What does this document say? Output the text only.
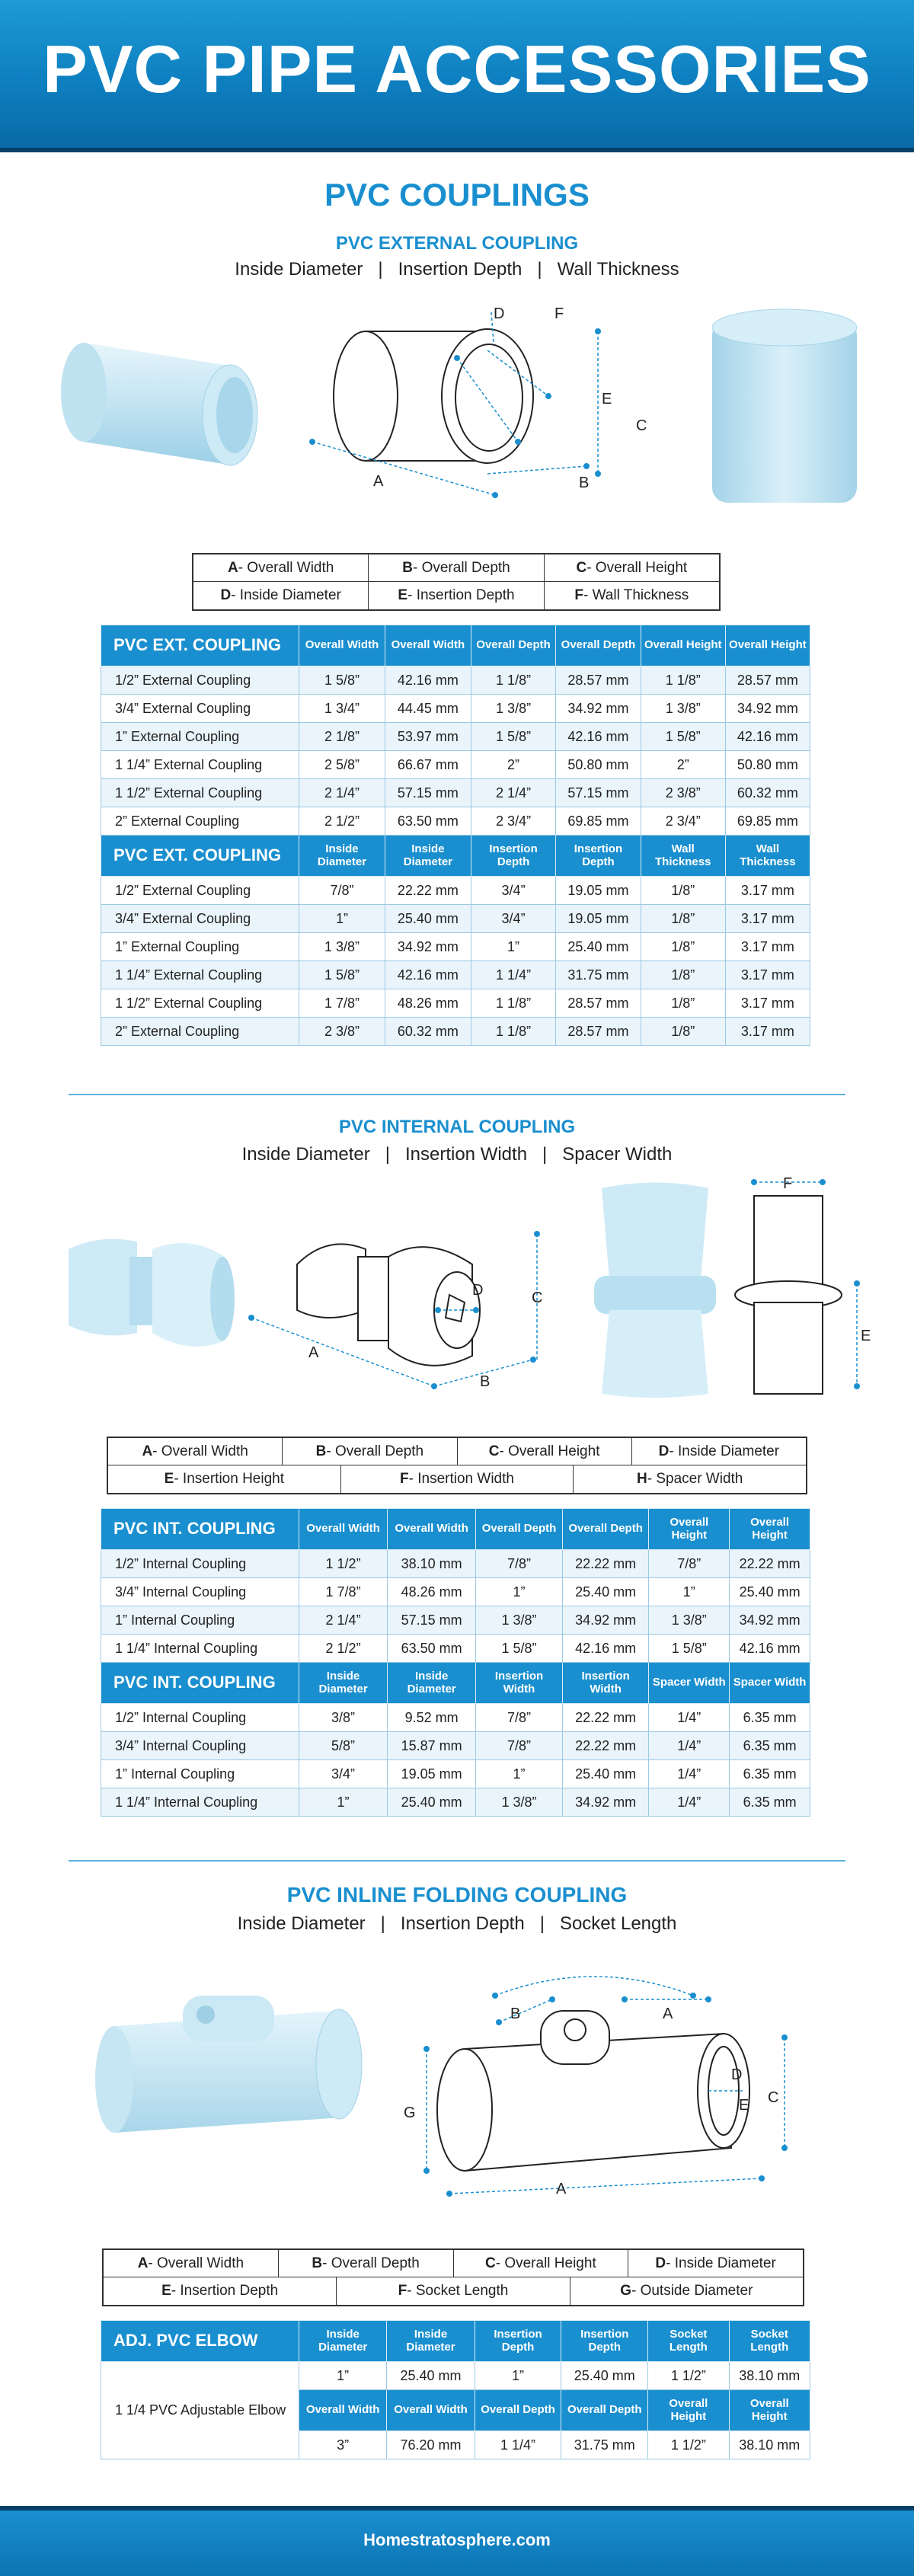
PVC PIPE ACCESSORIES
PVC COUPLINGS
PVC EXTERNAL COUPLING
Inside Diameter   |   Insertion Depth   |   Wall Thickness
A	B
C
D
E
F
A - Overall Width	B - Overall Depth	C - Overall Height
D - Inside Diameter	E - Insertion Depth	F - Wall Thickness
PVC EXT. COUPLING	Overall Width	Overall Width	Overall Depth	Overall Depth	Overall Height	Overall Height
1/2” External Coupling	1 5/8”	42.16 mm	1 1/8”	28.57 mm	1 1/8”	28.57 mm
3/4” External Coupling	1 3/4”	44.45 mm	1 3/8”	34.92 mm	1 3/8”	34.92 mm
1” External Coupling	2 1/8”	53.97 mm	1 5/8”	42.16 mm	1 5/8”	42.16 mm
1 1/4” External Coupling	2 5/8”	66.67 mm	2”	50.80 mm	2”	50.80 mm
1 1/2” External Coupling	2 1/4”	57.15 mm	2 1/4”	57.15 mm	2 3/8”	60.32 mm
2” External Coupling	2 1/2”	63.50 mm	2 3/4”	69.85 mm	2 3/4”	69.85 mm
PVC EXT. COUPLING	Inside Diameter	Inside Diameter	Insertion Depth	Insertion Depth	Wall Thickness	Wall Thickness
1/2” External Coupling	7/8”	22.22 mm	3/4”	19.05 mm	1/8”	3.17 mm
3/4” External Coupling	1”	25.40 mm	3/4”	19.05 mm	1/8”	3.17 mm
1” External Coupling	1 3/8”	34.92 mm	1”	25.40 mm	1/8”	3.17 mm
1 1/4” External Coupling	1 5/8”	42.16 mm	1 1/4”	31.75 mm	1/8”	3.17 mm
1 1/2” External Coupling	1 7/8”	48.26 mm	1 1/8”	28.57 mm	1/8”	3.17 mm
2” External Coupling	2 3/8”	60.32 mm	1 1/8”	28.57 mm	1/8”	3.17 mm
PVC INTERNAL COUPLING
Inside Diameter   |   Insertion Width   |   Spacer Width
A
B
C
D
F
E
A - Overall Width	B - Overall Depth	C - Overall Height	D - Inside Diameter
E - Insertion Height	F - Insertion Width	H - Spacer Width
PVC INT. COUPLING	Overall Width	Overall Width	Overall Depth	Overall Depth	Overall Height	Overall Height
1/2” Internal Coupling	1 1/2”	38.10 mm	7/8”	22.22 mm	7/8”	22.22 mm
3/4” Internal Coupling	1 7/8”	48.26 mm	1”	25.40 mm	1”	25.40 mm
1” Internal Coupling	2 1/4”	57.15 mm	1 3/8”	34.92 mm	1 3/8”	34.92 mm
1 1/4” Internal Coupling	2 1/2”	63.50 mm	1 5/8”	42.16 mm	1 5/8”	42.16 mm
PVC INT. COUPLING	Inside Diameter	Inside Diameter	Insertion Width	Insertion Width	Spacer Width	Spacer Width
1/2” Internal Coupling	3/8”	9.52 mm	7/8”	22.22 mm	1/4”	6.35 mm
3/4” Internal Coupling	5/8”	15.87 mm	7/8”	22.22 mm	1/4”	6.35 mm
1” Internal Coupling	3/4”	19.05 mm	1”	25.40 mm	1/4”	6.35 mm
1 1/4” Internal Coupling	1”	25.40 mm	1 3/8”	34.92 mm	1/4”	6.35 mm
PVC INLINE FOLDING COUPLING
Inside Diameter   |   Insertion Depth   |   Socket Length
A
A
B
C
D
E
G
A - Overall Width	B - Overall Depth	C - Overall Height	D - Inside Diameter
E - Insertion Depth	F - Socket Length	G - Outside Diameter
ADJ. PVC ELBOW	Inside Diameter	Inside Diameter	Insertion Depth	Insertion Depth	Socket Length	Socket Length
1 1/4 PVC Adjustable Elbow	1”	25.40 mm	1”	25.40 mm	1 1/2”	38.10 mm
	Overall Width	Overall Width	Overall Depth	Overall Depth	Overall Height	Overall Height
	3”	76.20 mm	1 1/4”	31.75 mm	1 1/2”	38.10 mm
Homestratosphere.com
